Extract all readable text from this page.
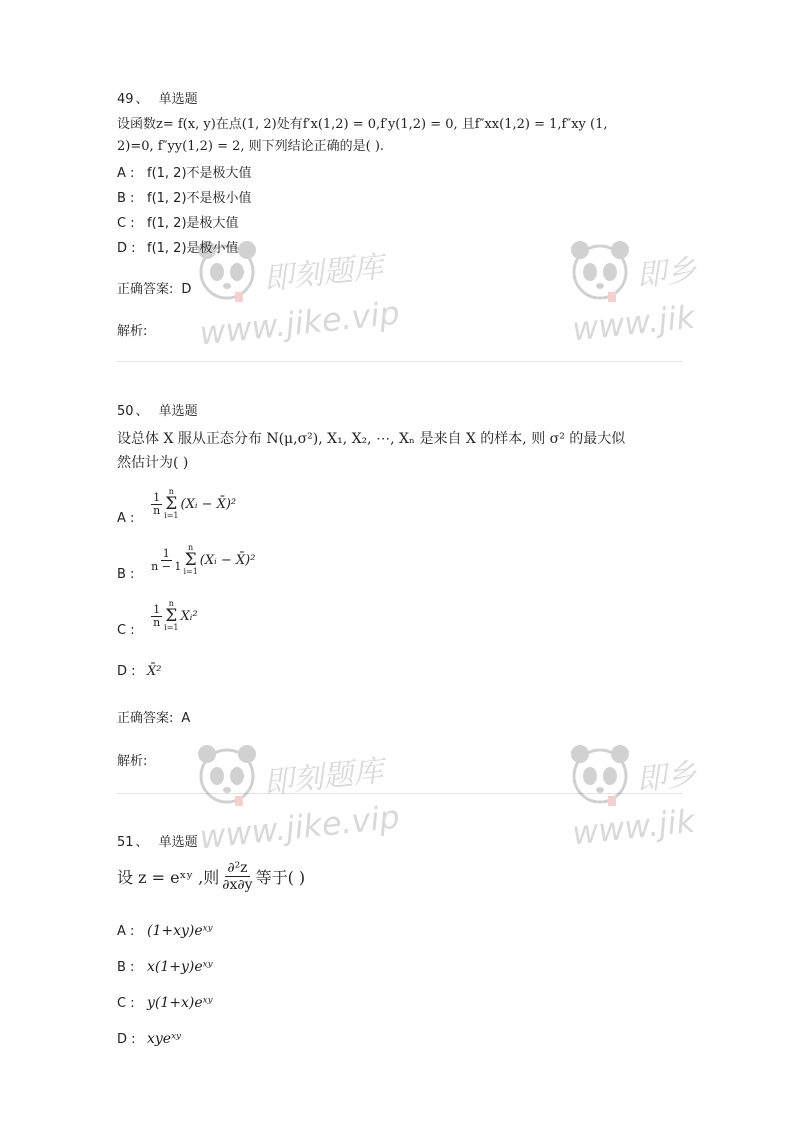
49 、 单选题
设函数z= f(x, y)在点(1, 2)处有f′x(1,2) = 0,f′y(1,2) = 0, 且f″xx(1,2) = 1,f″xy (1,
2)=0, f″yy(1,2) = 2, 则下列结论正确的是( ).
A : f(1, 2)不是极大值
B : f(1, 2)不是极小值
C : f(1, 2)是极大值
D : f(1, 2)是极小值
正确答案: D
解析:
50 、 单选题
设总体 X 服从正态分布 N(μ,σ²), X₁, X₂, ⋯, Xₙ 是来自 X 的样本, 则 σ² 的最大似
然估计为( )
A :
$\frac{1}{n}$ n
Σ
i=1
(Xᵢ − X̄)²
B :
$\frac{1}{n - 1}$ n
Σ
i=1
(Xᵢ − X̄)²
C :
$\frac{1}{n}$ n
Σ
i=1
Xᵢ²
D : X̄²
正确答案: A
解析:
51 、 单选题
设 z = eˣʸ ,则 $\frac{\text{∂²z}}{\partial x\partial y}$ 等于( )
A : (1+xy)eˣʸ
B : x(1+y)eˣʸ
C : y(1+x)eˣʸ
D : xyeˣʸ
即刻题库
www.jike.vip
即乡
www.jik
即刻题库
www.jike.vip
即乡
www.jik
